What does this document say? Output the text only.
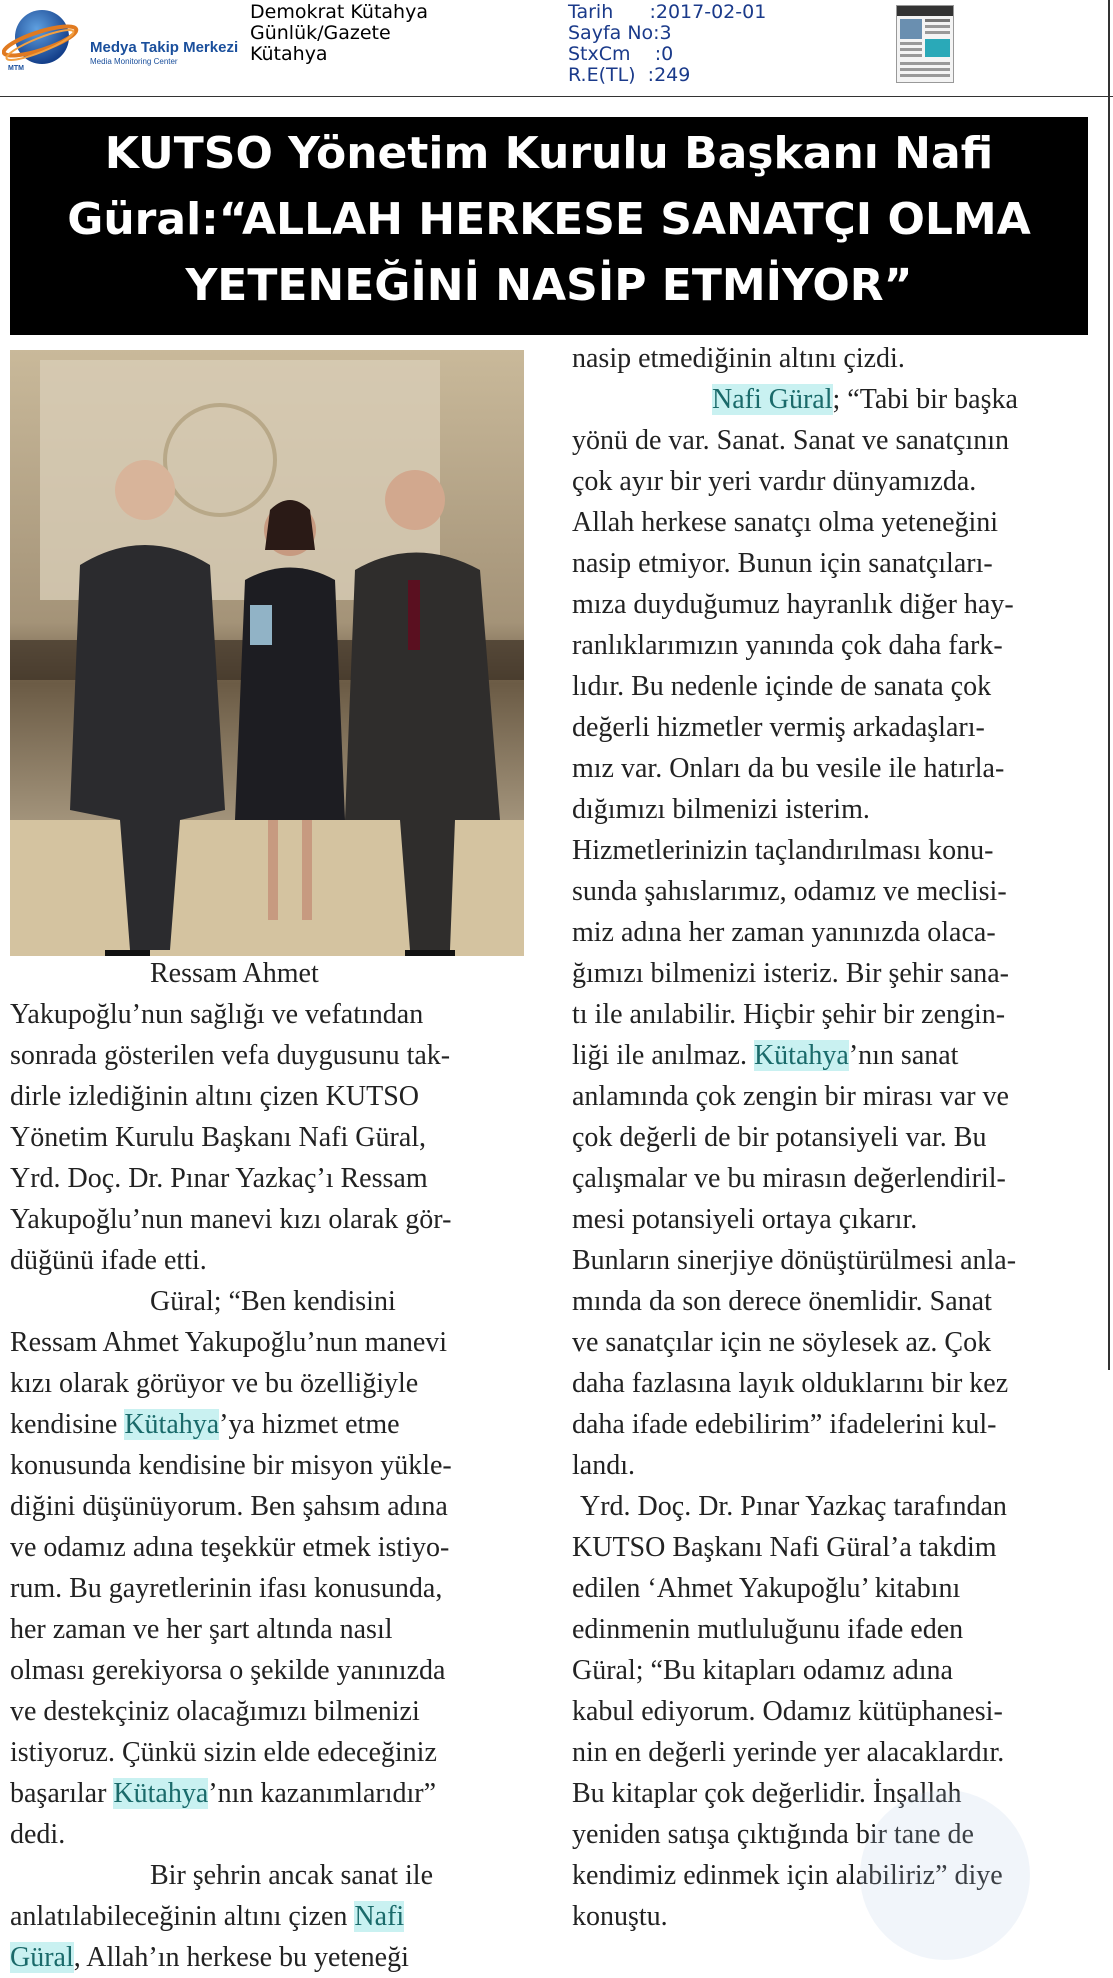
Medya Takip Merkezi
Media Monitoring Center
MTM
Demokrat Kütahya
Günlük/Gazete
Kütahya
Tarih      :2017-02-01
Sayfa No:3
StxCm    :0
R.E(TL)  :249
KUTSO Yönetim Kurulu Başkanı Nafi
Güral:“ALLAH HERKESE SANATÇI OLMA
YETENEĞİNİ NASİP ETMİYOR”

Ressam Ahmet

Yakupoğlu’nun sağlığı ve vefatından

sonrada gösterilen vefa duygusunu tak-

dirle izlediğinin altını çizen KUTSO

Yönetim Kurulu Başkanı Nafi Güral,

Yrd. Doç. Dr. Pınar Yazkaç’ı Ressam

Yakupoğlu’nun manevi kızı olarak gör-

düğünü ifade etti.

Güral; “Ben kendisini

Ressam Ahmet Yakupoğlu’nun manevi

kızı olarak görüyor ve bu özelliğiyle

kendisine Kütahya’ya hizmet etme

konusunda kendisine bir misyon yükle-

diğini düşünüyorum. Ben şahsım adına

ve odamız adına teşekkür etmek istiyo-

rum. Bu gayretlerinin ifası konusunda,

her zaman ve her şart altında nasıl

olması gerekiyorsa o şekilde yanınızda

ve destekçiniz olacağımızı bilmenizi

istiyoruz. Çünkü sizin elde edeceğiniz

başarılar Kütahya’nın kazanımlarıdır”

dedi.

Bir şehrin ancak sanat ile

anlatılabileceğinin altını çizen Nafi

Güral, Allah’ın herkese bu yeteneği

nasip etmediğinin altını çizdi.

Nafi Güral; “Tabi bir başka

yönü de var. Sanat. Sanat ve sanatçının

çok ayır bir yeri vardır dünyamızda.

Allah herkese sanatçı olma yeteneğini

nasip etmiyor. Bunun için sanatçıları-

mıza duyduğumuz hayranlık diğer hay-

ranlıklarımızın yanında çok daha fark-

lıdır. Bu nedenle içinde de sanata çok

değerli hizmetler vermiş arkadaşları-

mız var. Onları da bu vesile ile hatırla-

dığımızı bilmenizi isterim.

Hizmetlerinizin taçlandırılması konu-

sunda şahıslarımız, odamız ve meclisi-

miz adına her zaman yanınızda olaca-

ğımızı bilmenizi isteriz. Bir şehir sana-

tı ile anılabilir. Hiçbir şehir bir zengin-

liği ile anılmaz. Kütahya’nın sanat

anlamında çok zengin bir mirası var ve

çok değerli de bir potansiyeli var. Bu

çalışmalar ve bu mirasın değerlendiril-

mesi potansiyeli ortaya çıkarır.

Bunların sinerjiye dönüştürülmesi anla-

mında da son derece önemlidir. Sanat

ve sanatçılar için ne söylesek az. Çok

daha fazlasına layık olduklarını bir kez

daha ifade edebilirim” ifadelerini kul-

landı.

Yrd. Doç. Dr. Pınar Yazkaç tarafından

KUTSO Başkanı Nafi Güral’a takdim

edilen ‘Ahmet Yakupoğlu’ kitabını

edinmenin mutluluğunu ifade eden

Güral; “Bu kitapları odamız adına

kabul ediyorum. Odamız kütüphanesi-

nin en değerli yerinde yer alacaklardır.

Bu kitaplar çok değerlidir. İnşallah

yeniden satışa çıktığında bir tane de

kendimiz edinmek için alabiliriz” diye

konuştu.
